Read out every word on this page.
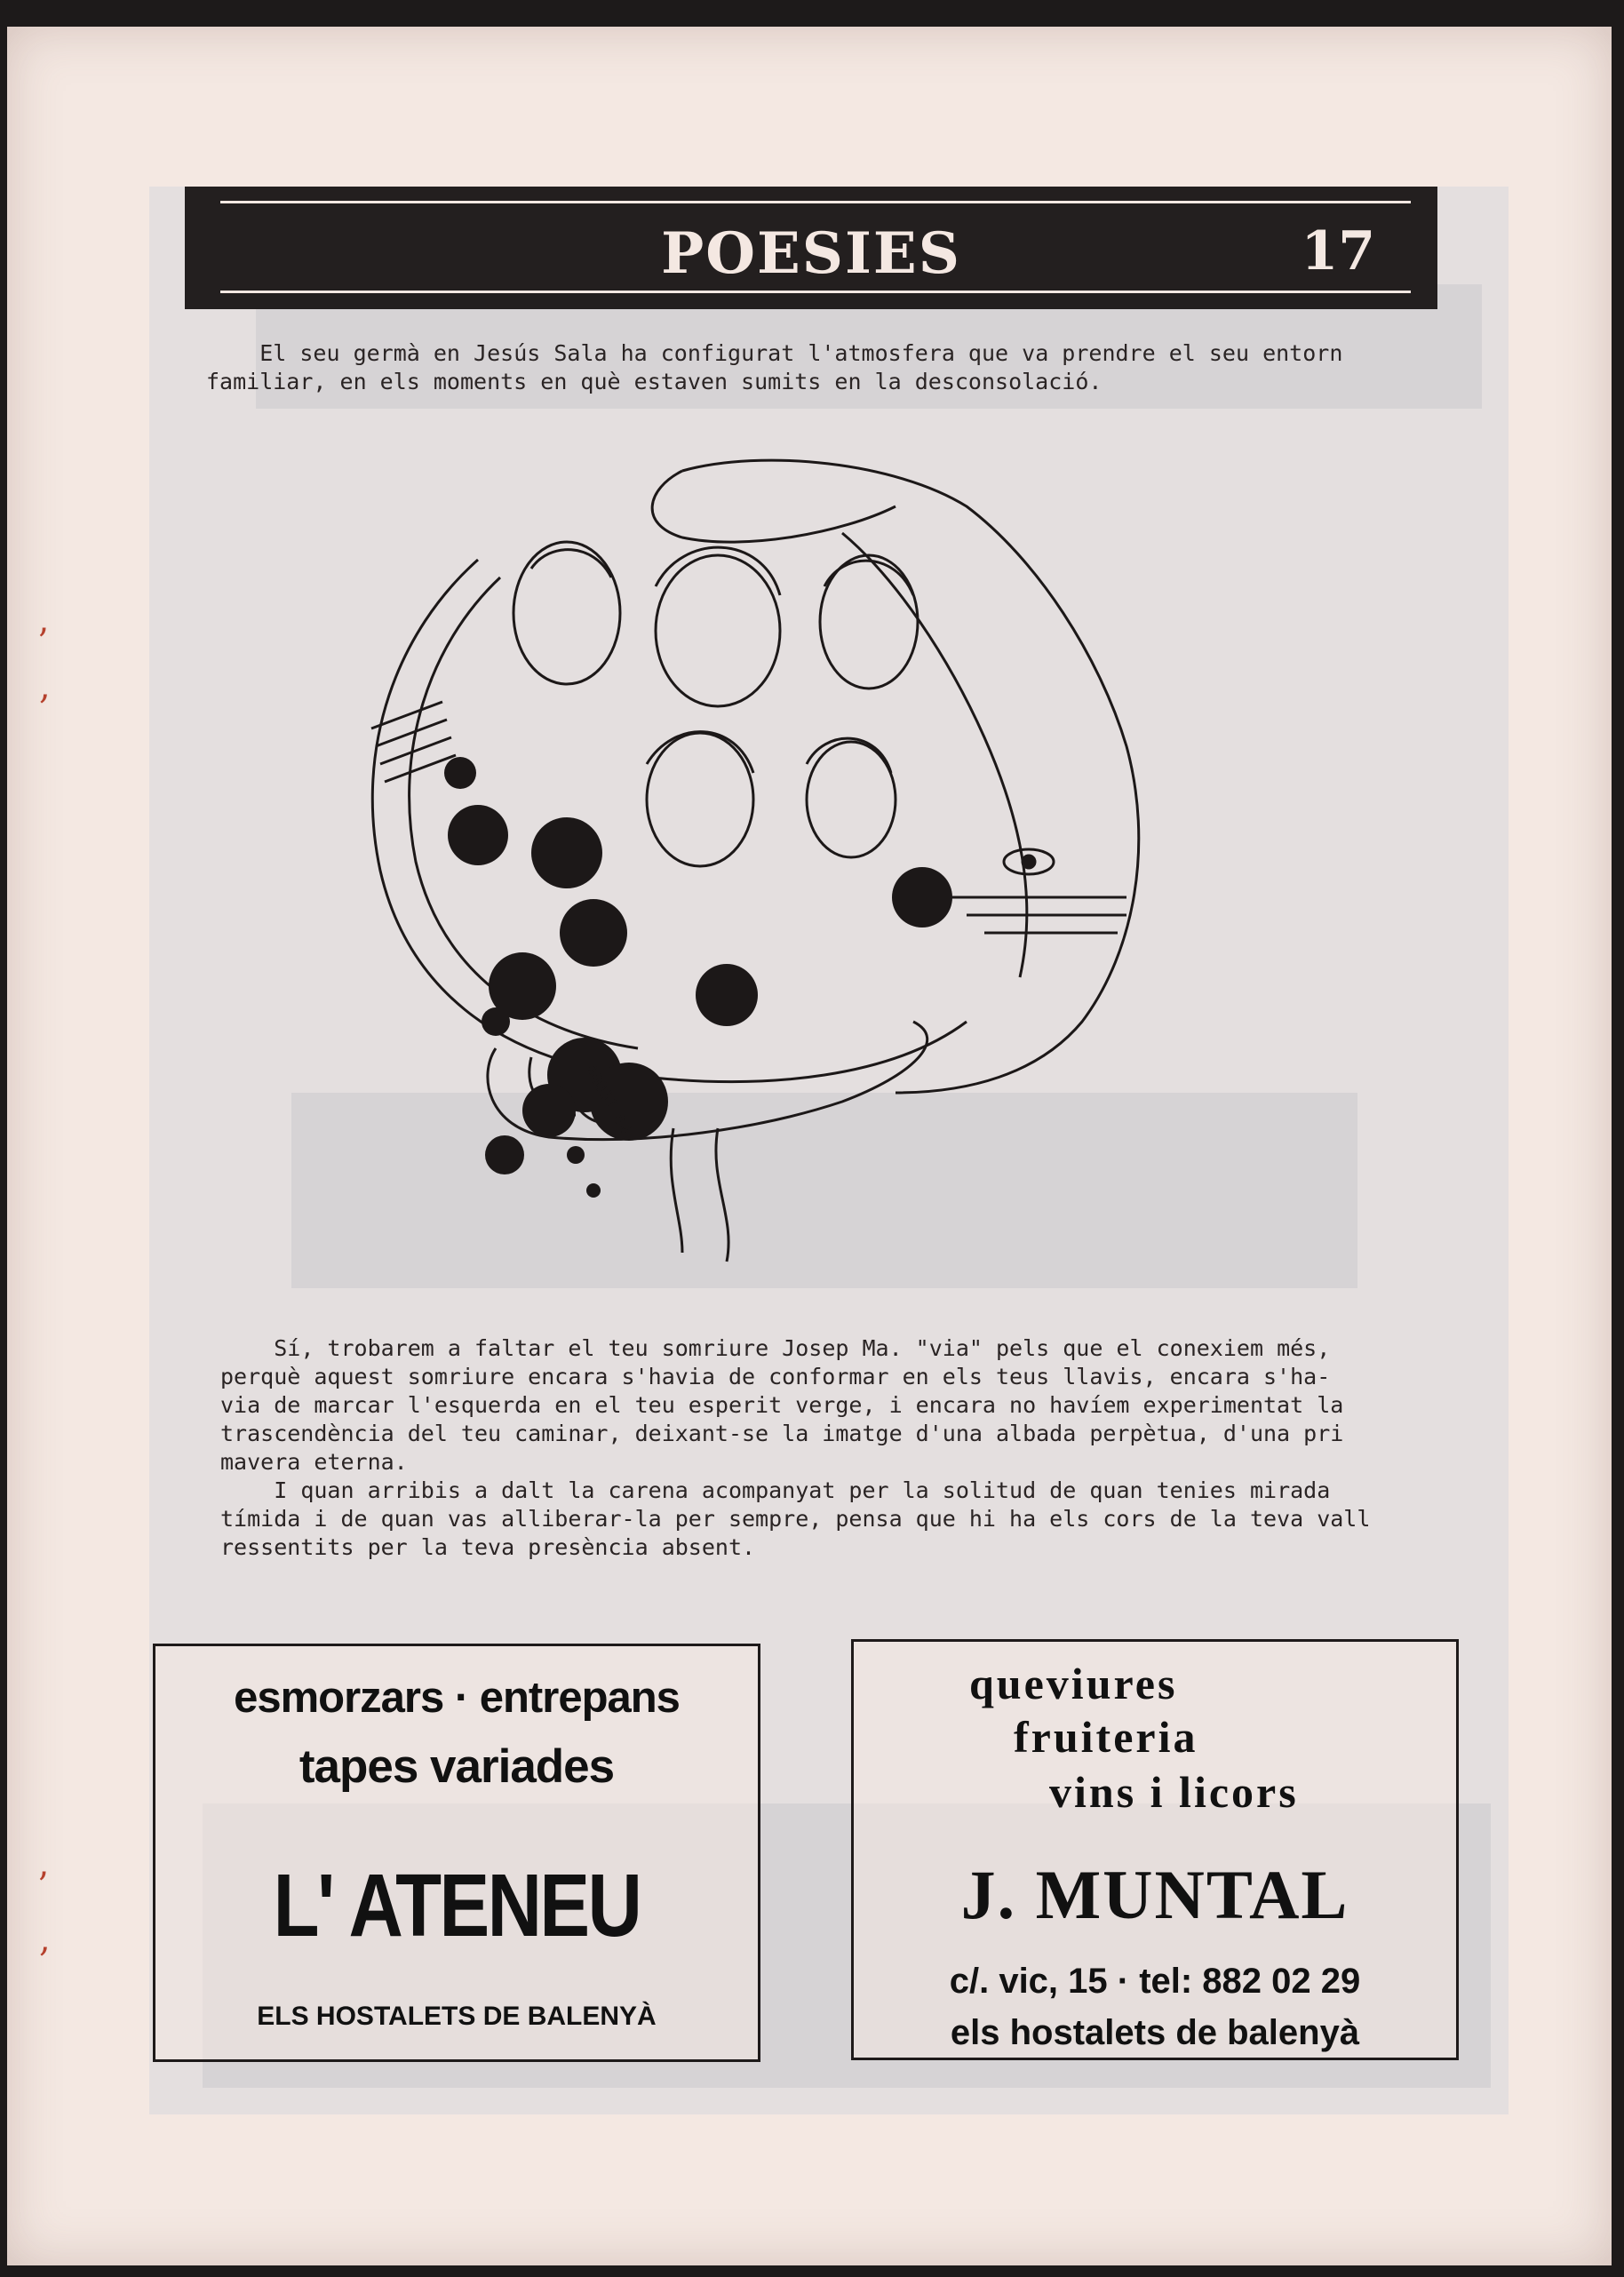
’
,
’
,
POESIES	17

El seu germà en Jesús Sala ha configurat l'atmosfera que va prendre el seu entorn

familiar, en els moments en què estaven sumits en la desconsolació.

AGOST 84

Sí, trobarem a faltar el teu somriure Josep Ma. "via" pels que el conexiem més,

perquè aquest somriure encara s'havia de conformar en els teus llavis, encara s'ha-

via de marcar l'esquerda en el teu esperit verge, i encara no havíem experimentat la

trascendència del teu caminar, deixant-se la imatge d'una albada perpètua, d'una pri

mavera eterna.

I quan arribis a dalt la carena acompanyat per la solitud de quan tenies mirada

tímida i de quan vas alliberar-la per sempre, pensa que hi ha els cors de la teva vall

ressentits per la teva presència absent.

esmorzars · entrepans
tapes variades
L' ATENEU
ELS HOSTALETS DE BALENYÀ
queviures
fruiteria
vins i licors
J. MUNTAL
c/. vic, 15 · tel: 882 02 29
els hostalets de balenyà
